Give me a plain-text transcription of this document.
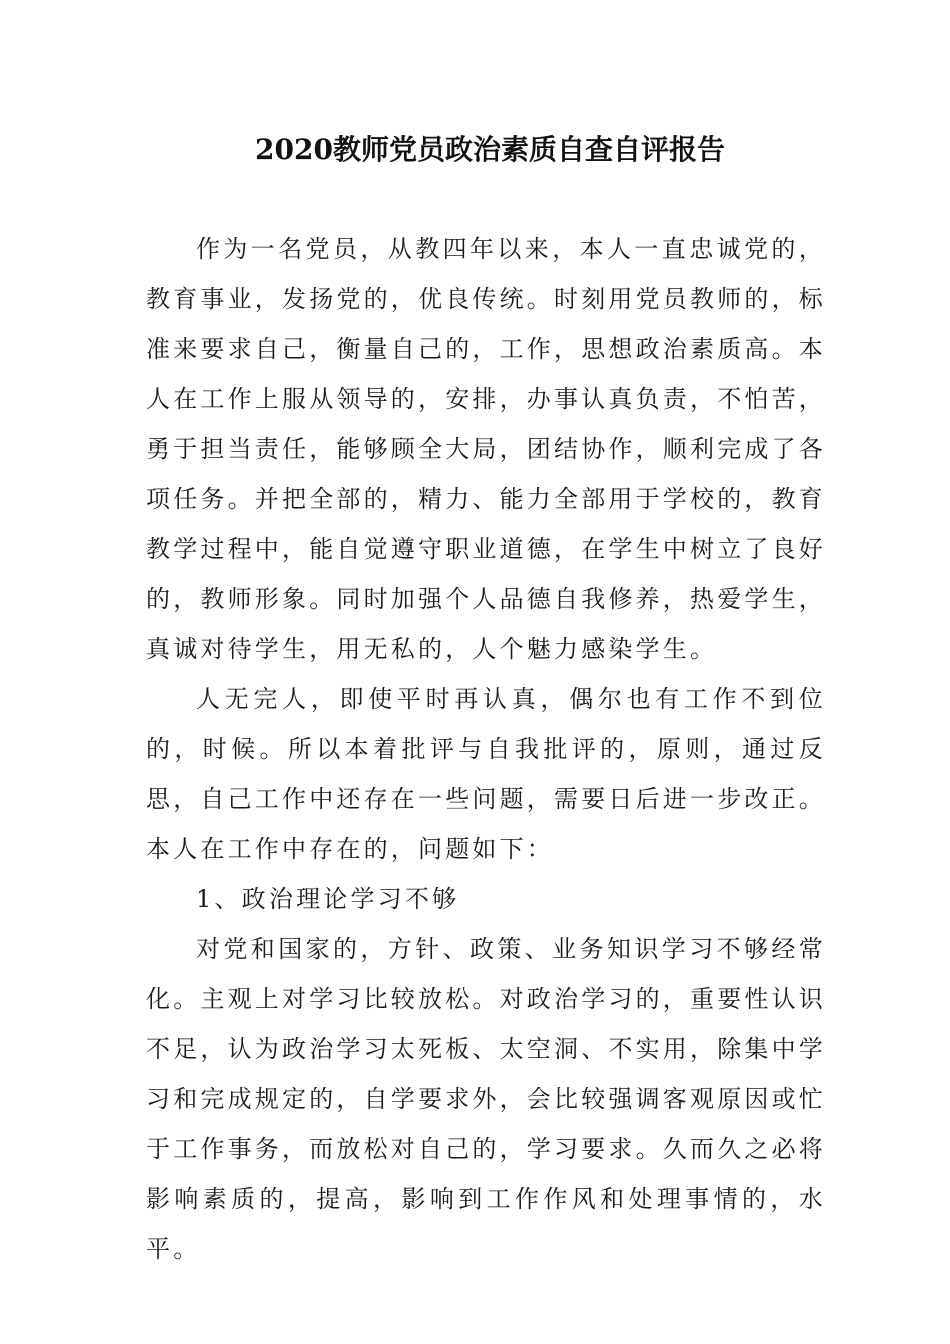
2020教师党员政治素质自查自评报告

作为一名党员，从教四年以来，本人一直忠诚党的，教育事业，发扬党的，优良传统。时刻用党员教师的，标准来要求自己，衡量自己的，工作，思想政治素质高。本人在工作上服从领导的，安排，办事认真负责，不怕苦，勇于担当责任，能够顾全大局，团结协作，顺利完成了各项任务。并把全部的，精力、能力全部用于学校的，教育教学过程中，能自觉遵守职业道德，在学生中树立了良好的，教师形象。同时加强个人品德自我修养，热爱学生，真诚对待学生，用无私的，人个魅力感染学生。

人无完人，即使平时再认真，偶尔也有工作不到位的，时候。所以本着批评与自我批评的，原则，通过反思，自己工作中还存在一些问题，需要日后进一步改正。本人在工作中存在的，问题如下：

1、政治理论学习不够

对党和国家的，方针、政策、业务知识学习不够经常化。主观上对学习比较放松。对政治学习的，重要性认识不足，认为政治学习太死板、太空洞、不实用，除集中学习和完成规定的，自学要求外，会比较强调客观原因或忙于工作事务，而放松对自己的，学习要求。久而久之必将影响素质的，提高，影响到工作作风和处理事情的，水平。
